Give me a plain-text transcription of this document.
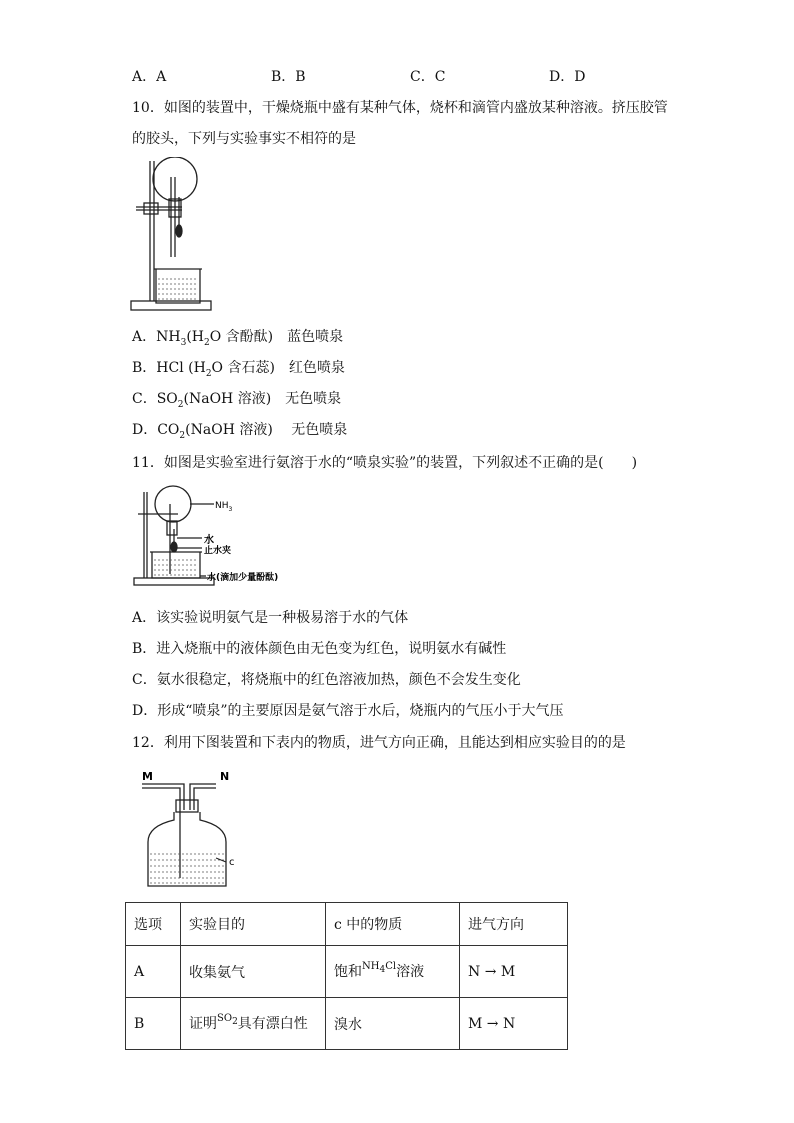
A．A	B．B	C．C	D．D
10．如图的装置中，干燥烧瓶中盛有某种气体，烧杯和滴管内盛放某种溶液。挤压胶管
的胶头，下列与实验事实不相符的是
A．$NH_3(H_2O$ 含酚酞)　蓝色喷泉
B．HCl ($H_2O$ 含石蕊)　红色喷泉
C．$SO_2(NaOH$ 溶液)　无色喷泉
D．$CO_2(NaOH$ 溶液)　 无色喷泉
11．如图是实验室进行氨溶于水的“喷泉实验”的装置，下列叙述不正确的是(　　)
$NH_3$
水
止水夹
水(滴加少量酚酞)
A．该实验说明氨气是一种极易溶于水的气体
B．进入烧瓶中的液体颜色由无色变为红色，说明氨水有碱性
C．氨水很稳定，将烧瓶中的红色溶液加热，颜色不会发生变化
D．形成“喷泉”的主要原因是氨气溶于水后，烧瓶内的气压小于大气压
12．利用下图装置和下表内的物质，进气方向正确，且能达到相应实验目的的是
M	N
c
选项	实验目的	c 中的物质	进气方向
A	收集氨气	饱和$^{NH_4Cl}$溶液	N → M
B	证明$^{SO_2}$具有漂白性	溴水	M → N
